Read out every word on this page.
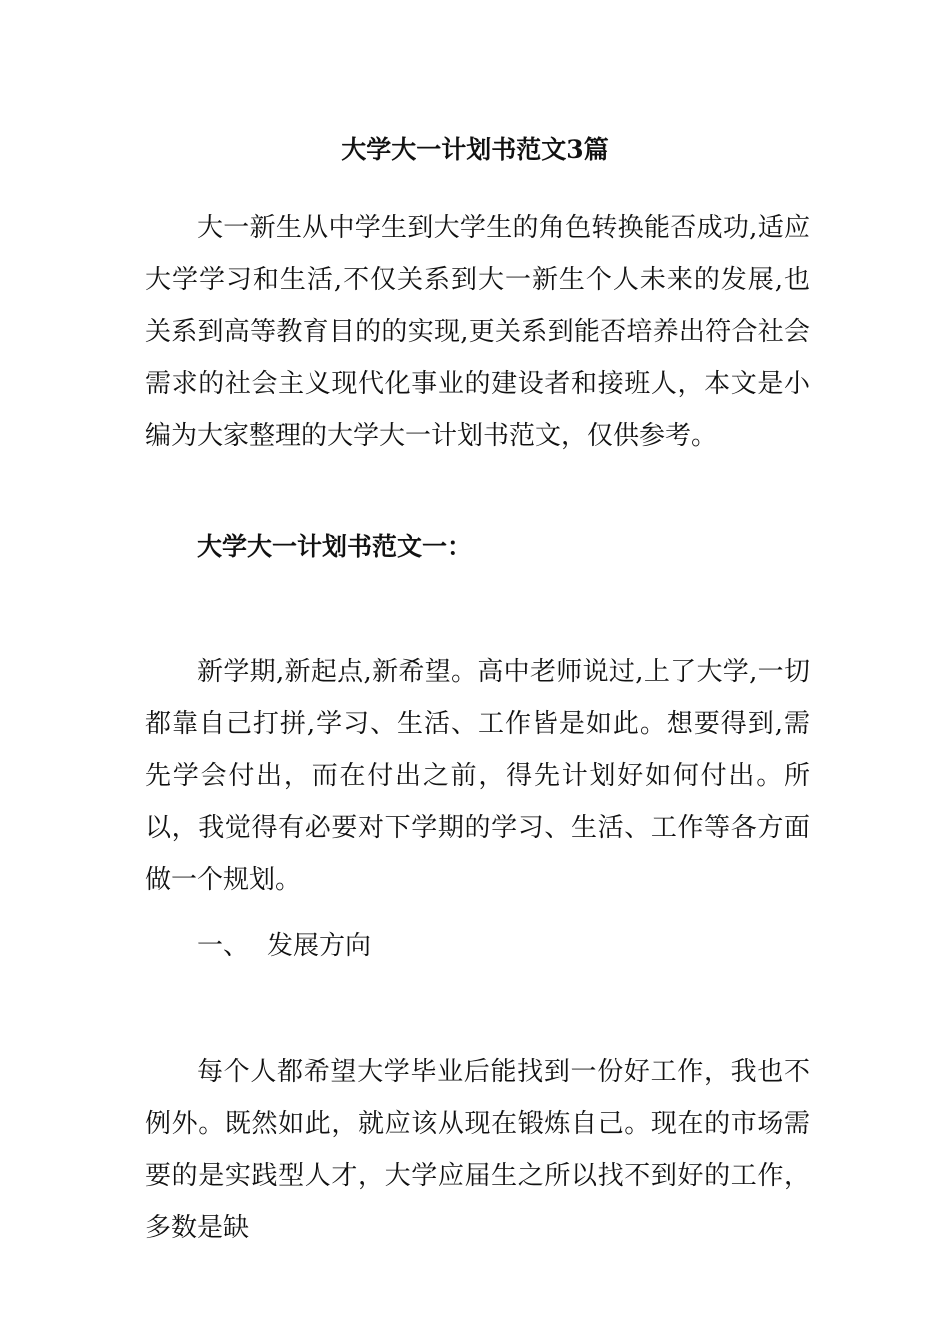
大学大一计划书范文3篇

大一新生从中学生到大学生的角色转换能否成功,适应大学学习和生活,不仅关系到大一新生个人未来的发展,也关系到高等教育目的的实现,更关系到能否培养出符合社会需求的社会主义现代化事业的建设者和接班人，本文是小编为大家整理的大学大一计划书范文，仅供参考。

大学大一计划书范文一：

新学期,新起点,新希望。高中老师说过,上了大学,一切都靠自己打拼,学习、生活、工作皆是如此。想要得到,需先学会付出，而在付出之前，得先计划好如何付出。所以，我觉得有必要对下学期的学习、生活、工作等各方面做一个规划。

一、 发展方向

每个人都希望大学毕业后能找到一份好工作，我也不例外。既然如此，就应该从现在锻炼自己。现在的市场需要的是实践型人才，大学应届生之所以找不到好的工作，多数是缺
